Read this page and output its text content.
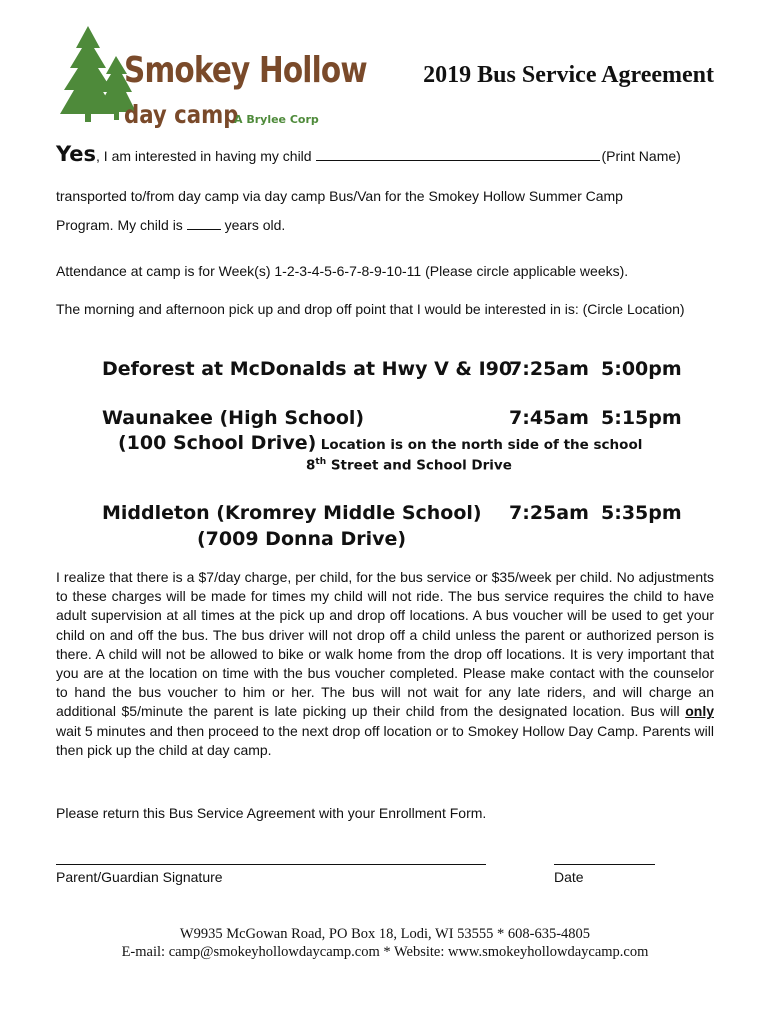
Smokey Hollow
day camp
A Brylee Corp
2019 Bus Service Agreement
Yes, I am interested in having my child	(Print Name)
transported to/from day camp via day camp Bus/Van for the Smokey Hollow Summer Camp
Program. My child is  years old.
Attendance at camp is for Week(s) 1-2-3-4-5-6-7-8-9-10-11 (Please circle applicable weeks).
The morning and afternoon pick up and drop off point that I would be interested in is: (Circle Location)
Deforest at McDonalds at Hwy V & I90
7:25am 5:00pm
Waunakee (High School)	7:45am 5:15pm
(100 School Drive) Location is on the north side of the school
8th Street and School Drive
Middleton (Kromrey Middle School) 7:25am 5:35pm
(7009 Donna Drive)
I realize that there is a $7/day charge, per child, for the bus service or $35/week per child. No adjustments to these charges will be made for times my child will not ride. The bus service requires the child to have adult supervision at all times at the pick up and drop off locations. A bus voucher will be used to get your child on and off the bus. The bus driver will not drop off a child unless the parent or authorized person is there. A child will not be allowed to bike or walk home from the drop off locations. It is very important that you are at the location on time with the bus voucher completed. Please make contact with the counselor to hand the bus voucher to him or her. The bus will not wait for any late riders, and will charge an additional $5/minute the parent is late picking up their child from the designated location. Bus will only wait 5 minutes and then proceed to the next drop off location or to Smokey Hollow Day Camp. Parents will then pick up the child at day camp.
Please return this Bus Service Agreement with your Enrollment Form.
Parent/Guardian Signature	Date
W9935 McGowan Road, PO Box 18, Lodi, WI 53555 * 608-635-4805
E-mail: camp@smokeyhollowdaycamp.com * Website: www.smokeyhollowdaycamp.com
